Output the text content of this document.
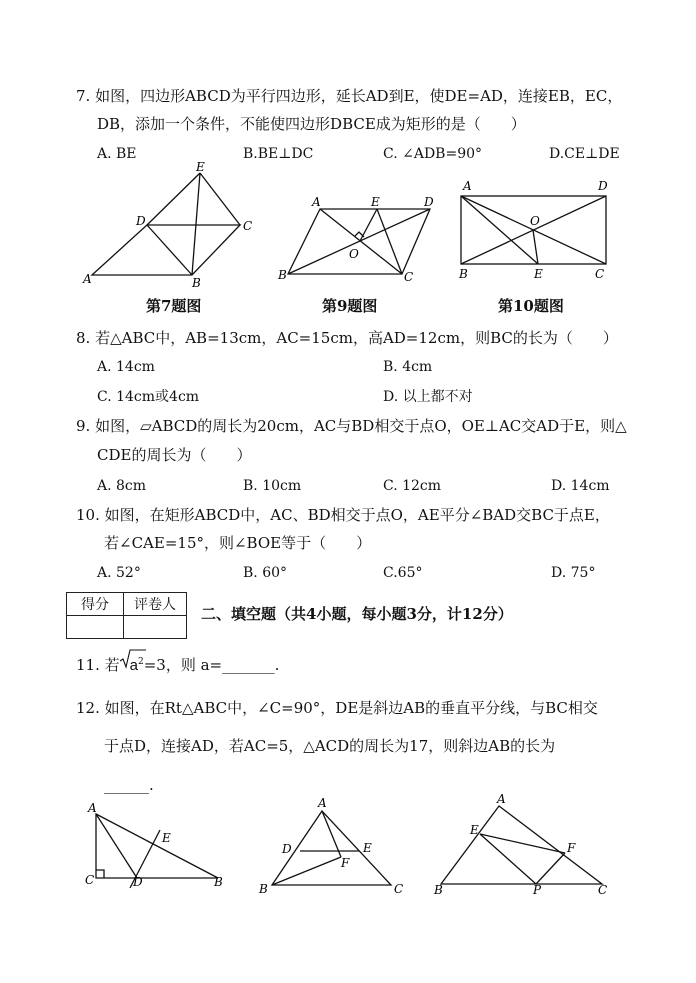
7. 如图，四边形ABCD为平行四边形，延长AD到E，使DE=AD，连接EB，EC，
DB，添加一个条件，不能使四边形DBCE成为矩形的是（　　）
A. BE	B.BE⊥DC	C. ∠ADB=90°	D.CE⊥DE
E
D	C
A	B
A	E	D
O
B	C
A	D
O
B	E	C
第7题图	第9题图	第10题图
8. 若△ABC中，AB=13cm，AC=15cm，高AD=12cm，则BC的长为（　　）
A. 14cm	B. 4cm
C. 14cm或4cm	D. 以上都不对
9. 如图，▱ABCD的周长为20cm，AC与BD相交于点O，OE⊥AC交AD于E，则△
CDE的周长为（　　）
A. 8cm	B. 10cm	C. 12cm	D. 14cm
10. 如图，在矩形ABCD中，AC、BD相交于点O，AE平分∠BAD交BC于点E，
若∠CAE=15°，则∠BOE等于（　　）
A. 52°	B. 60°	C.65°	D. 75°
得分	评卷人
	二、填空题（共4小题，每小题3分，计12分）
11. 若 $a^2=3$，则 a=_______.
12. 如图，在Rt△ABC中，∠C=90°，DE是斜边AB的垂直平分线，与BC相交
于点D，连接AD，若AC=5，△ACD的周长为17，则斜边AB的长为
______.
A
E
C	D	B
A
D	E
F
B	C
A
E
F
B	P	C
